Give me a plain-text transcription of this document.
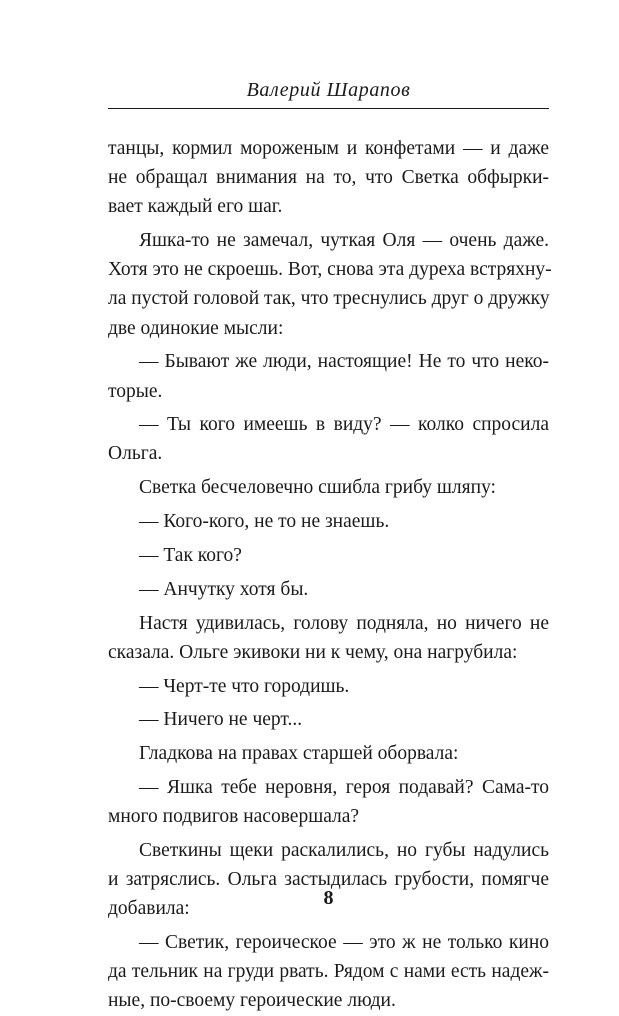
Валерий Шарапов

танцы, кормил мороженым и конфетами — и даже
не обращал внимания на то, что Светка обфырки-
вает каждый его шаг.
Яшка-то не замечал, чуткая Оля — очень даже.
Хотя это не скроешь. Вот, снова эта дуреха встряхну-
ла пустой головой так, что треснулись друг о дружку
две одинокие мысли:
— Бывают же люди, настоящие! Не то что неко-
торые.
— Ты кого имеешь в виду? — колко спросила
Ольга.
Светка бесчеловечно сшибла грибу шляпу:
— Кого-кого, не то не знаешь.
— Так кого?
— Анчутку хотя бы.
Настя удивилась, голову подняла, но ничего не
сказала. Ольге экивоки ни к чему, она нагрубила:
— Черт-те что городишь.
— Ничего не черт...
Гладкова на правах старшей оборвала:
— Яшка тебе неровня, героя подавай? Сама-то
много подвигов насовершала?
Светкины щеки раскалились, но губы надулись
и затряслись. Ольга застыдилась грубости, помягче
добавила:
— Светик, героическое — это ж не только кино
да тельник на груди рвать. Рядом с нами есть надеж-
ные, по-своему героические люди.

8
